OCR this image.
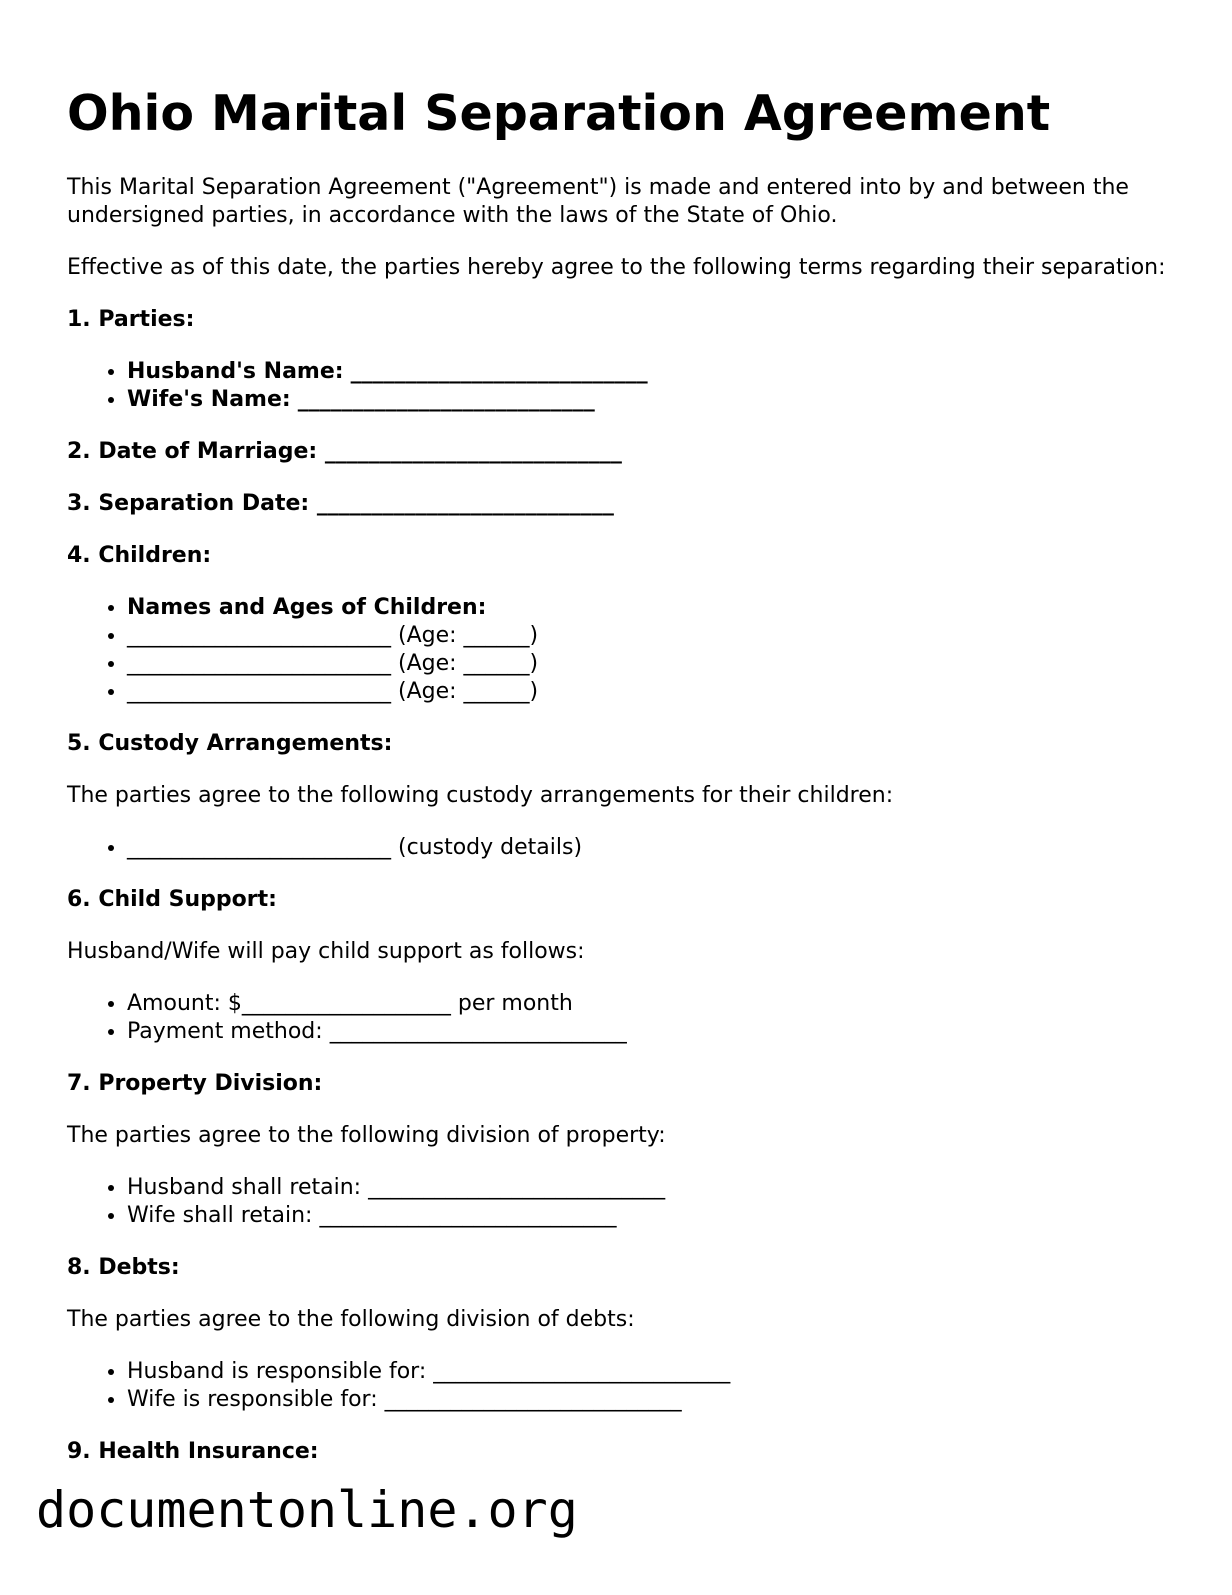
Ohio Marital Separation Agreement

This Marital Separation Agreement ("Agreement") is made and entered into by and between the undersigned parties, in accordance with the laws of the State of Ohio.

Effective as of this date, the parties hereby agree to the following terms regarding their separation:

1. Parties:

• Husband's Name: ___________________________
• Wife's Name: ___________________________

2. Date of Marriage: ___________________________

3. Separation Date: ___________________________

4. Children:

• Names and Ages of Children:
• ________________________ (Age: ______)
• ________________________ (Age: ______)
• ________________________ (Age: ______)

5. Custody Arrangements:

The parties agree to the following custody arrangements for their children:

• ________________________ (custody details)

6. Child Support:

Husband/Wife will pay child support as follows:

• Amount: $___________________ per month
• Payment method: ___________________________

7. Property Division:

The parties agree to the following division of property:

• Husband shall retain: ___________________________
• Wife shall retain: ___________________________

8. Debts:

The parties agree to the following division of debts:

• Husband is responsible for: ___________________________
• Wife is responsible for: ___________________________

9. Health Insurance:

documentonline.org
